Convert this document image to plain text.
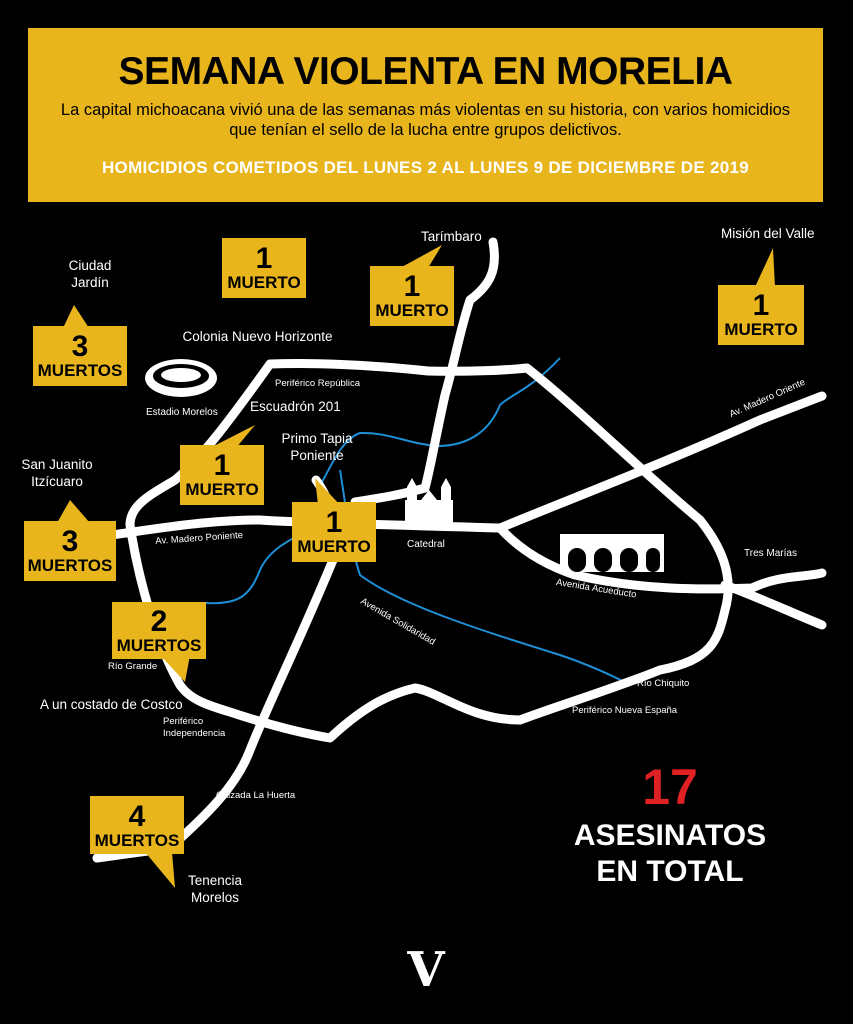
SEMANA VIOLENTA EN MORELIA
La capital michoacana vivió una de las semanas más violentas en su historia, con varios homicidios que tenían el sello de la lucha entre grupos delictivos.
HOMICIDIOS COMETIDOS DEL LUNES 2 AL LUNES 9 DE DICIEMBRE DE 2019
1
MUERTO	1
MUERTO	1
MUERTO
3
MUERTOS
1
MUERTO
1
MUERTO
3
MUERTOS
2
MUERTOS
4
MUERTOS
Ciudad
Jardín
Colonia Nuevo Horizonte
Tarímbaro	Misión del Valle
Estadio Morelos Escuadrón 201
Primo Tapia
Poniente
San Juanito
Itzícuaro
A un costado de Costco
Tenencia
Morelos
Catedral
Tres Marías
Periférico República	Av. Madero Oriente
Av. Madero Poniente
Avenida Acueducto
Avenida Solidaridad
Río Grande
Río Chiquito
Periférico Nueva España
Periférico
Independencia
Calzada La Huerta	17
ASESINATOS
EN TOTAL
V
